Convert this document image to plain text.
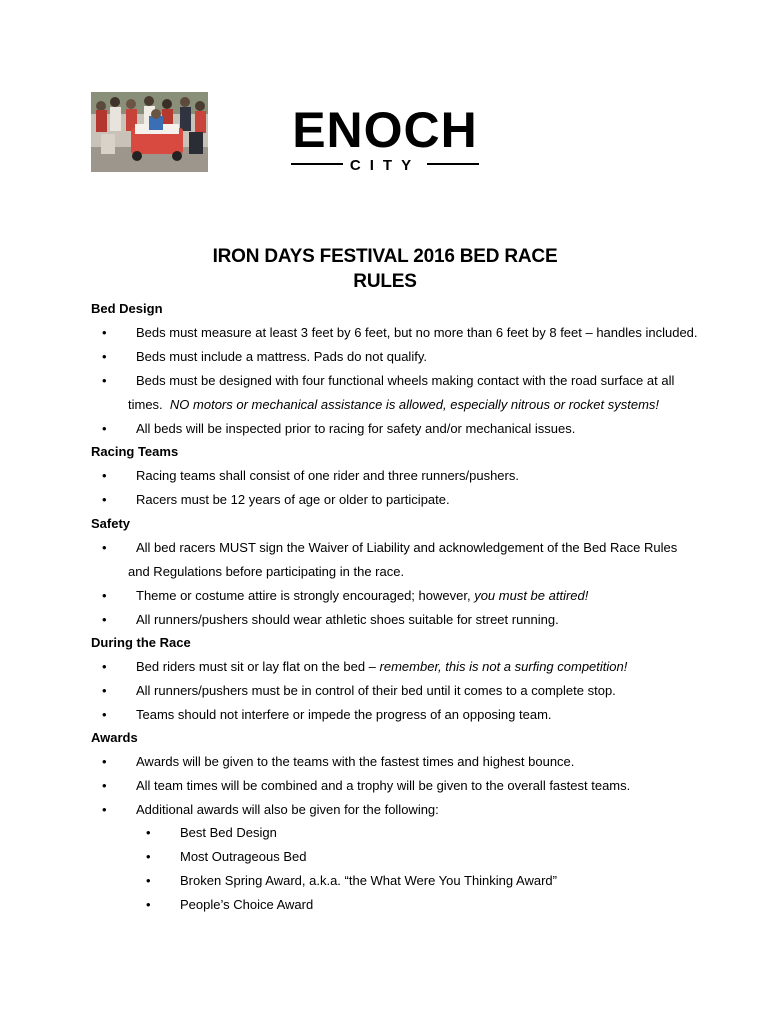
ENOCH
CITY
IRON DAYS FESTIVAL 2016 BED RACE
RULES
Bed Design
• Beds must measure at least 3 feet by 6 feet, but no more than 6 feet by 8 feet – handles included.
• Beds must include a mattress. Pads do not qualify.
• Beds must be designed with four functional wheels making contact with the road surface at all
times. NO motors or mechanical assistance is allowed, especially nitrous or rocket systems!
• All beds will be inspected prior to racing for safety and/or mechanical issues.
Racing Teams
• Racing teams shall consist of one rider and three runners/pushers.
• Racers must be 12 years of age or older to participate.
Safety
• All bed racers MUST sign the Waiver of Liability and acknowledgement of the Bed Race Rules
and Regulations before participating in the race.
• Theme or costume attire is strongly encouraged; however, you must be attired!
• All runners/pushers should wear athletic shoes suitable for street running.
During the Race
• Bed riders must sit or lay flat on the bed – remember, this is not a surfing competition!
• All runners/pushers must be in control of their bed until it comes to a complete stop.
• Teams should not interfere or impede the progress of an opposing team.
Awards
• Awards will be given to the teams with the fastest times and highest bounce.
• All team times will be combined and a trophy will be given to the overall fastest teams.
• Additional awards will also be given for the following:
• Best Bed Design
• Most Outrageous Bed
• Broken Spring Award, a.k.a. “the What Were You Thinking Award”
• People’s Choice Award
